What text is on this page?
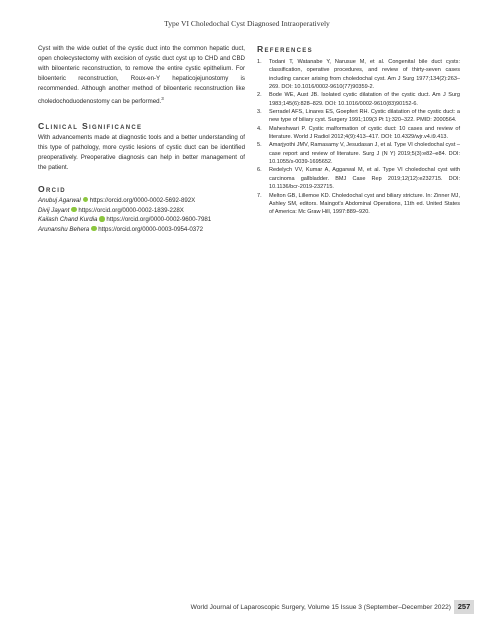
Type VI Choledochal Cyst Diagnosed Intraoperatively

Cyst with the wide outlet of the cystic duct into the common hepatic duct, open cholecystectomy with excision of cystic duct cyst up to CHD and CBD with biloenteric reconstruction, to remove the entire cystic epithelium. For biloenteric reconstruction, Roux-en-Y hepaticojejunostomy is recommended. Although another method of biloenteric reconstruction like choledochoduodenostomy can be performed.$^3$

Clinical Significance

With advancements made at diagnostic tools and a better understanding of this type of pathology, more cystic lesions of cystic duct can be identified preoperatively. Preoperative diagnosis can help in better management of the patient.

Orcid
Anubuj Agarwal https://orcid.org/0000-0002-5692-892X
Divij Jayant https://orcid.org/0000-0002-1839-228X
Kailash Chand Kurdia https://orcid.org/0000-0002-9600-7981
Arunanshu Behera https://orcid.org/0000-0003-0954-0372
References
1.	Todani T, Watanabe Y, Narusue M, et al. Congenital bile duct cysts: classification, operative procedures, and review of thirty-seven cases including cancer arising from choledochal cyst. Am J Surg 1977;134(2):263–269. DOI: 10.1016/0002-9610(77)90359-2.
2.	Bode WE, Aust JB. Isolated cystic dilatation of the cystic duct. Am J Surg 1983;145(6):828–829. DOI: 10.1016/0002-9610(83)90152-6.
3.	Serradel AFS, Linares ES, Goepfert RH. Cystic dilatation of the cystic duct: a new type of biliary cyst. Surgery 1991;109(3 Pt 1):320–322. PMID: 2000564.
4.	Maheshwari P. Cystic malformation of cystic duct: 10 cases and review of literature. World J Radiol 2012;4(9):413–417. DOI: 10.4329/wjr.v4.i9.413.
5.	Amarjyothi JMV, Ramasamy V, Jesudasan J, et al. Type VI choledochal cyst – case report and review of literature. Surg J (N Y) 2019;5(3):e82–e84. DOI: 10.1055/s-0039-1695652.
6.	Redelych VV, Kumar A, Aggarwal M, et al. Type VI choledochal cyst with carcinoma gallbladder. BMJ Case Rep 2019;12(12):e232715. DOI: 10.1136/bcr-2019-232715.
7.	Melton GB, Lillemoe KD. Choledochal cyst and biliary stricture. In: Zinner MJ, Ashley SM, editors. Maingot's Abdominal Operations, 11th ed. United States of America: Mc Graw Hill, 1997:889–920.
World Journal of Laparoscopic Surgery, Volume 15 Issue 3 (September–December 2022) 257
